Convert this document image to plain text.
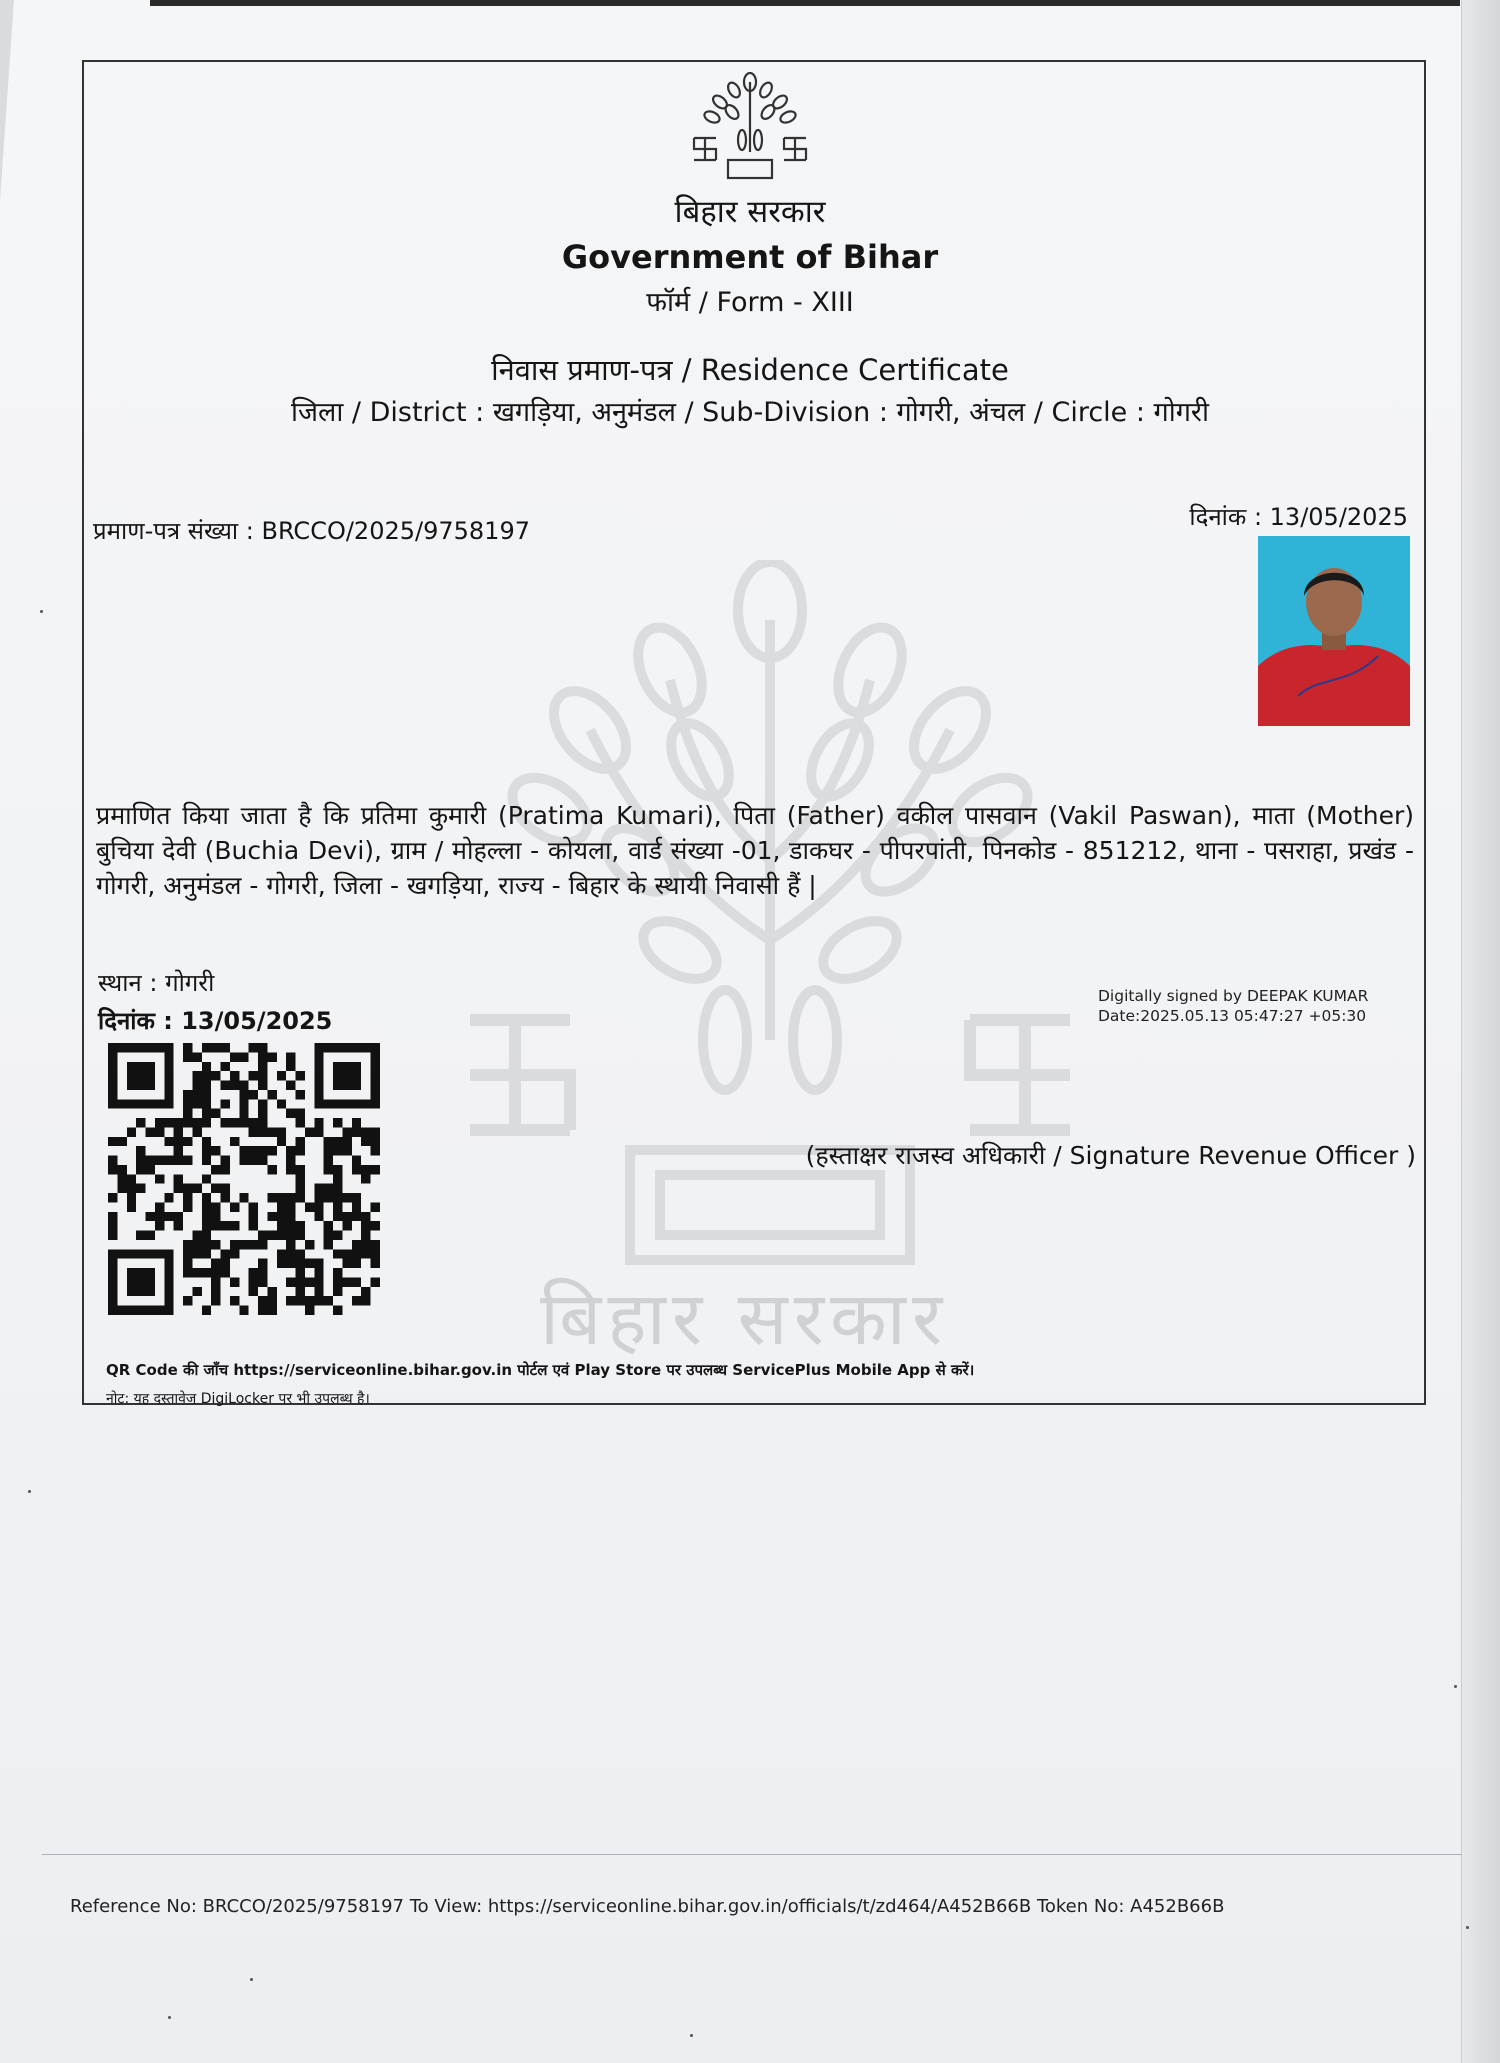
बिहार सरकार
बिहार सरकार
Government of Bihar
फॉर्म / Form - XIII
निवास प्रमाण-पत्र / Residence Certificate
जिला / District : खगड़िया, अनुमंडल / Sub-Division : गोगरी, अंचल / Circle : गोगरी
प्रमाण-पत्र संख्या : BRCCO/2025/9758197	दिनांक : 13/05/2025
प्रमाणित किया जाता है कि प्रतिमा कुमारी (Pratima Kumari), पिता (Father) वकील पासवान (Vakil Paswan), माता (Mother) बुचिया देवी (Buchia Devi), ग्राम / मोहल्ला - कोयला, वार्ड संख्या -01, डाकघर - पीपरपांती, पिनकोड - 851212, थाना - पसराहा, प्रखंड - गोगरी, अनुमंडल - गोगरी, जिला - खगड़िया, राज्य - बिहार के स्थायी निवासी हैं |
स्थान : गोगरी
दिनांक : 13/05/2025
Digitally signed by DEEPAK KUMAR
Date:2025.05.13 05:47:27 +05:30
(हस्ताक्षर राजस्व अधिकारी / Signature Revenue Officer )
QR Code की जाँच https://serviceonline.bihar.gov.in पोर्टल एवं Play Store पर उपलब्ध ServicePlus Mobile App से करें।
नोट: यह दस्तावेज DigiLocker पर भी उपलब्ध है।
Reference No: BRCCO/2025/9758197 To View: https://serviceonline.bihar.gov.in/officials/t/zd464/A452B66B Token No: A452B66B
